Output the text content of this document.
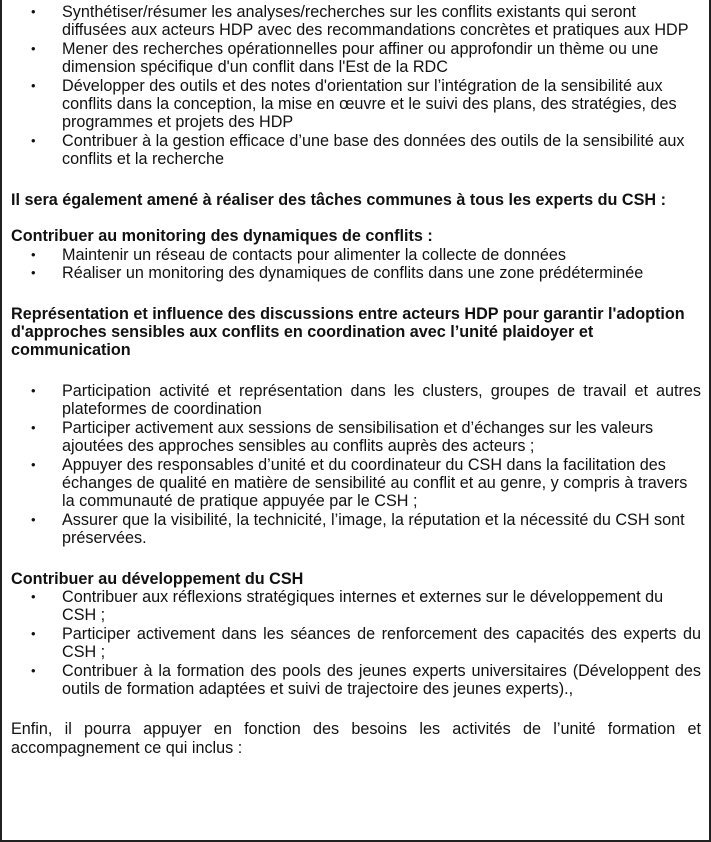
• Synthétiser/résumer les analyses/recherches sur les conflits existants qui seront diffusées aux acteurs HDP avec des recommandations concrètes et pratiques aux HDP
• Mener des recherches opérationnelles pour affiner ou approfondir un thème ou une dimension spécifique d'un conflit dans l'Est de la RDC
• Développer des outils et des notes d'orientation sur l’intégration de la sensibilité aux conflits dans la conception, la mise en œuvre et le suivi des plans, des stratégies, des programmes et projets des HDP
• Contribuer à la gestion efficace d’une base des données des outils de la sensibilité aux conflits et la recherche

Il sera également amené à réaliser des tâches communes à tous les experts du CSH :

Contribuer au monitoring des dynamiques de conflits :

• Maintenir un réseau de contacts pour alimenter la collecte de données
• Réaliser un monitoring des dynamiques de conflits dans une zone prédéterminée

Représentation et influence des discussions entre acteurs HDP pour garantir l'adoption d'approches sensibles aux conflits en coordination avec l’unité plaidoyer et communication

• Participation activité et représentation dans les clusters, groupes de travail et autres plateformes de coordination
• Participer activement aux sessions de sensibilisation et d’échanges sur les valeurs ajoutées des approches sensibles au conflits auprès des acteurs ;
• Appuyer des responsables d’unité et du coordinateur du CSH dans la facilitation des échanges de qualité en matière de sensibilité au conflit et au genre, y compris à travers la communauté de pratique appuyée par le CSH ;
• Assurer que la visibilité, la technicité, l’image, la réputation et la nécessité du CSH sont préservées.

Contribuer au développement du CSH

• Contribuer aux réflexions stratégiques internes et externes sur le développement du CSH ;
• Participer activement dans les séances de renforcement des capacités des experts du CSH ;
• Contribuer à la formation des pools des jeunes experts universitaires (Développent des outils de formation adaptées et suivi de trajectoire des jeunes experts).,

Enfin, il pourra appuyer en fonction des besoins les activités de l’unité formation et accompagnement ce qui inclus :
